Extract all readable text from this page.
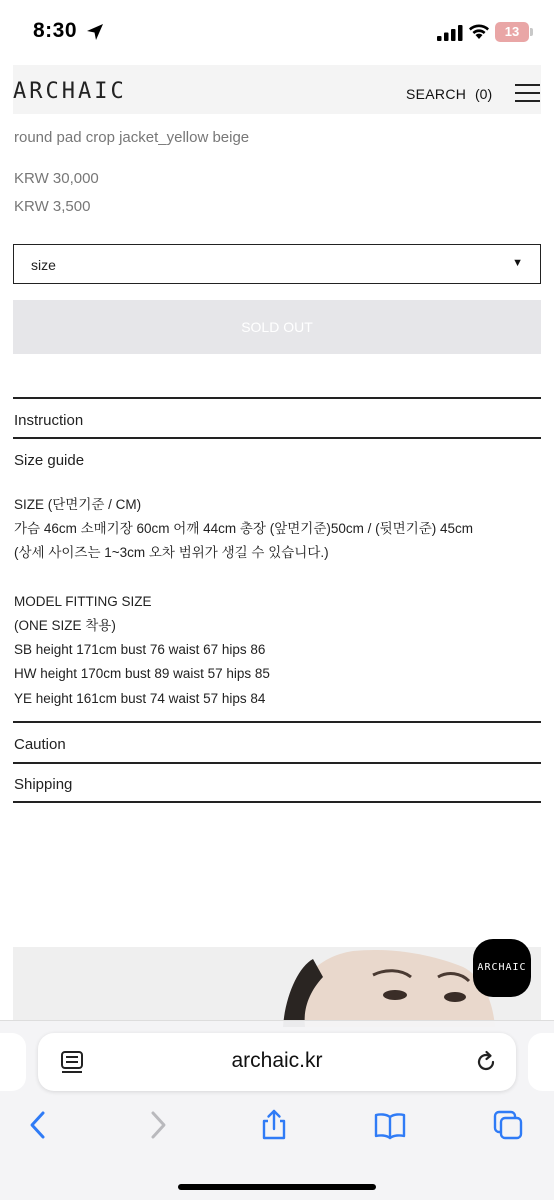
8:30	13
ARCHAIC	SEARCH (0)
round pad crop jacket_yellow beige
KRW 30,000
KRW 3,500
size	▼
SOLD OUT
Instruction
Size guide
SIZE (단면기준 / CM)
가슴 46cm 소매기장 60cm 어깨 44cm 총장 (앞면기준)50cm / (뒷면기준) 45cm
(상세 사이즈는 1~3cm 오차 범위가 생길 수 있습니다.)
MODEL FITTING SIZE
(ONE SIZE 착용)
SB height 171cm bust 76 waist 67 hips 86
HW height 170cm bust 89 waist 57 hips 85
YE height 161cm bust 74 waist 57 hips 84
Caution
Shipping
ARCHAIC
archaic.kr
